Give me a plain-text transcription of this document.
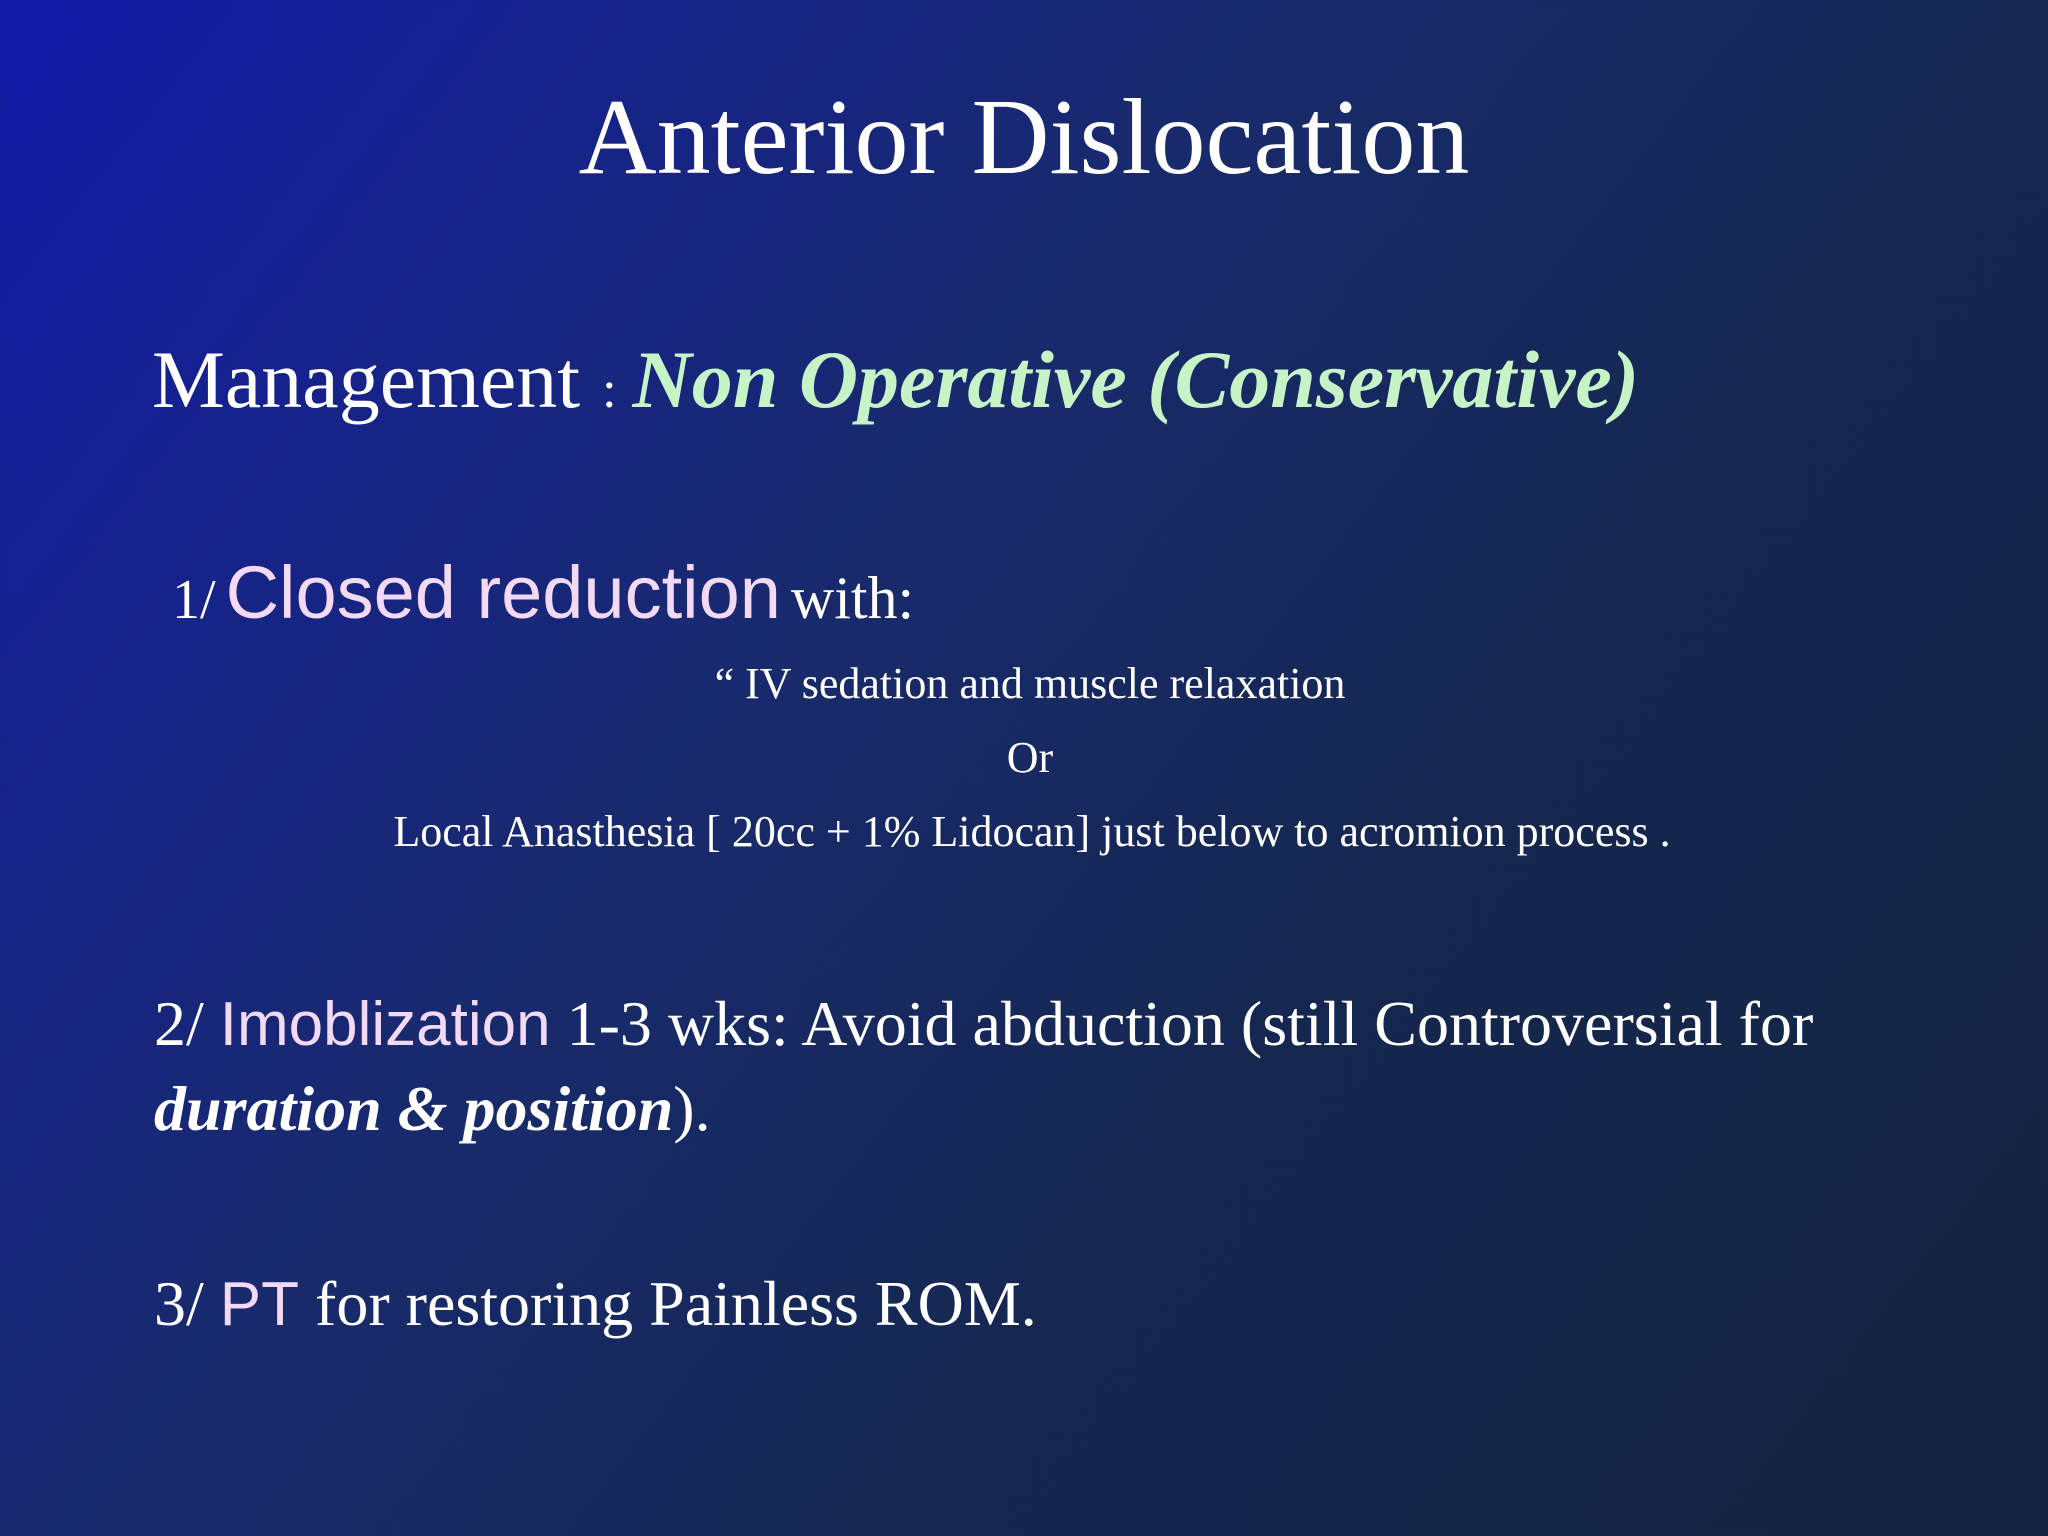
Anterior Dislocation
Management : Non Operative (Conservative)
1/ Closed reduction with:
“ IV sedation and muscle relaxation
Or
Local Anasthesia [ 20cc + 1% Lidocan] just below to acromion process .
2/ Imoblization 1-3 wks: Avoid abduction (still Controversial for duration & position).
3/ PT for restoring Painless ROM.
